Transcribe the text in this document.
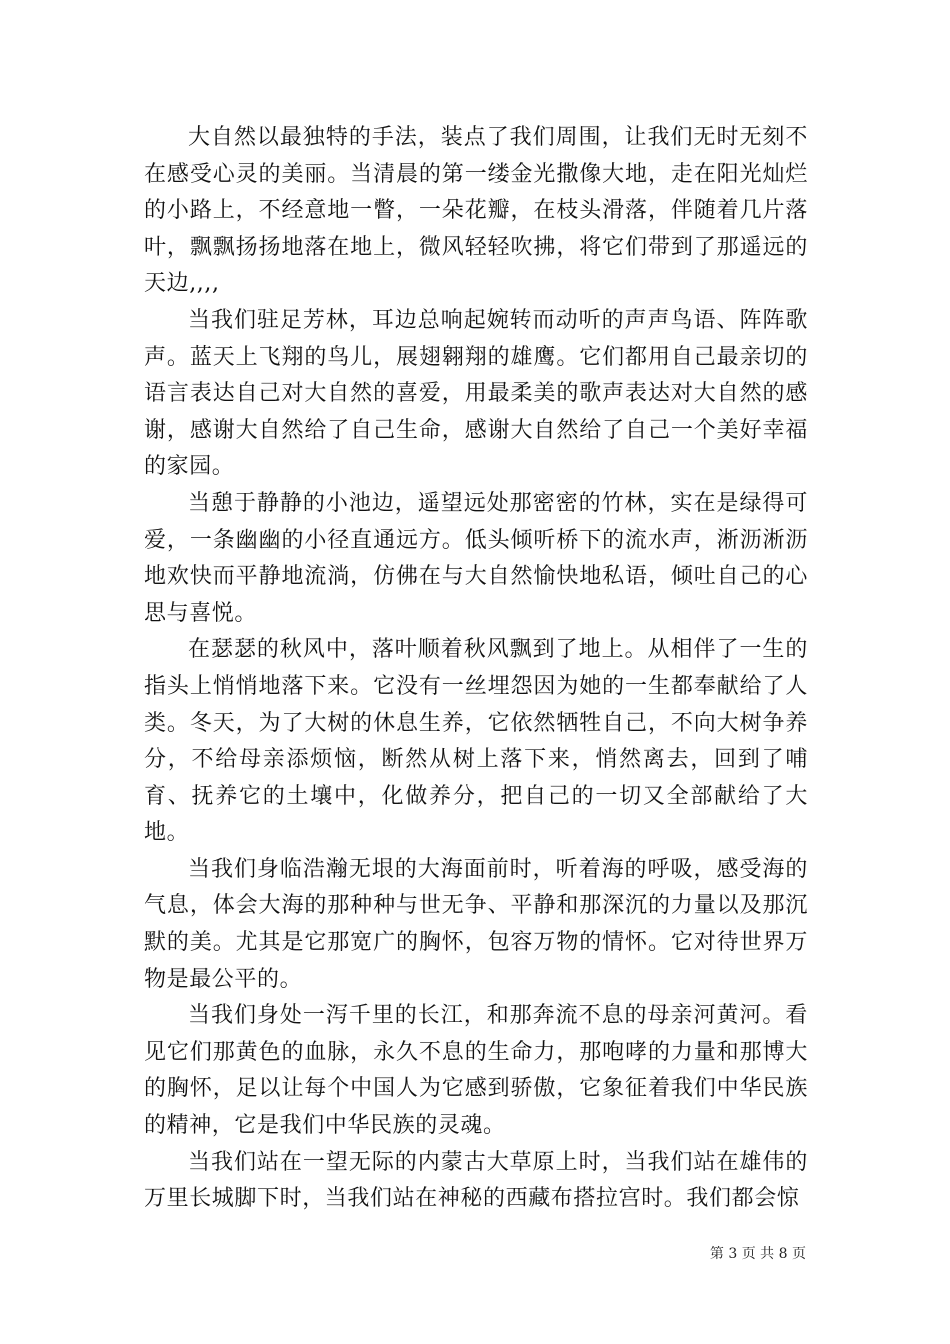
大自然以最独特的手法，装点了我们周围，让我们无时无刻不在感受心灵的美丽。当清晨的第一缕金光撒像大地，走在阳光灿烂的小路上，不经意地一瞥，一朵花瓣，在枝头滑落，伴随着几片落叶，飘飘扬扬地落在地上，微风轻轻吹拂，将它们带到了那遥远的天边,,,,

当我们驻足芳林，耳边总响起婉转而动听的声声鸟语、阵阵歌声。蓝天上飞翔的鸟儿，展翅翱翔的雄鹰。它们都用自己最亲切的语言表达自己对大自然的喜爱，用最柔美的歌声表达对大自然的感谢，感谢大自然给了自己生命，感谢大自然给了自己一个美好幸福的家园。

当憩于静静的小池边，遥望远处那密密的竹林，实在是绿得可爱，一条幽幽的小径直通远方。低头倾听桥下的流水声，淅沥淅沥地欢快而平静地流淌，仿佛在与大自然愉快地私语，倾吐自己的心思与喜悦。

在瑟瑟的秋风中，落叶顺着秋风飘到了地上。从相伴了一生的指头上悄悄地落下来。它没有一丝埋怨因为她的一生都奉献给了人类。冬天，为了大树的休息生养，它依然牺牲自己，不向大树争养分，不给母亲添烦恼，断然从树上落下来，悄然离去，回到了哺育、抚养它的土壤中，化做养分，把自己的一切又全部献给了大地。

当我们身临浩瀚无垠的大海面前时，听着海的呼吸，感受海的气息，体会大海的那种种与世无争、平静和那深沉的力量以及那沉默的美。尤其是它那宽广的胸怀，包容万物的情怀。它对待世界万物是最公平的。

当我们身处一泻千里的长江，和那奔流不息的母亲河黄河。看见它们那黄色的血脉，永久不息的生命力，那咆哮的力量和那博大的胸怀，足以让每个中国人为它感到骄傲，它象征着我们中华民族的精神，它是我们中华民族的灵魂。

当我们站在一望无际的内蒙古大草原上时，当我们站在雄伟的万里长城脚下时，当我们站在神秘的西藏布搭拉宫时。我们都会惊

第 3 页 共 8 页
